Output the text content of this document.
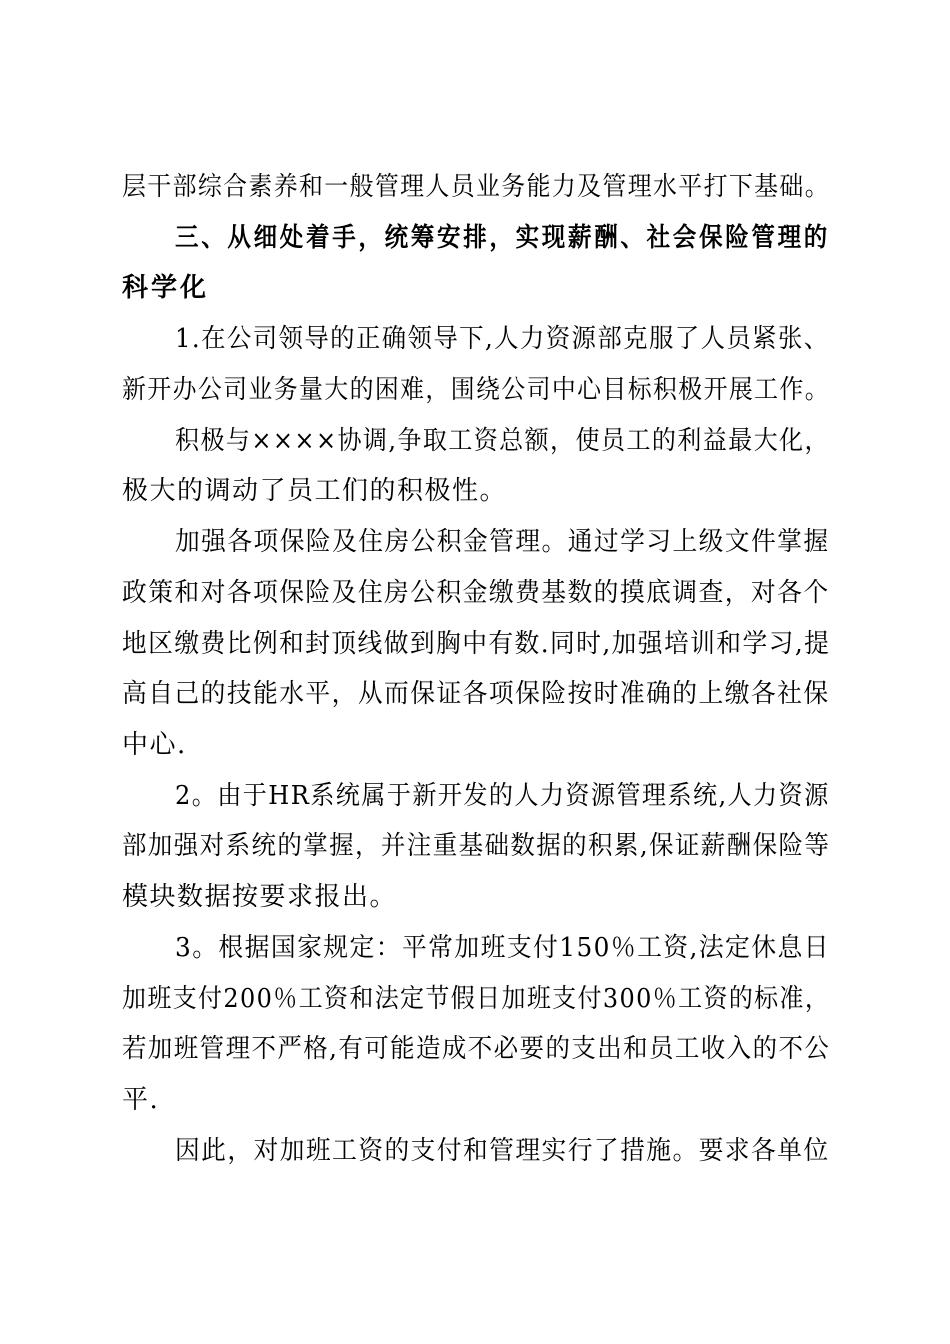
层干部综合素养和一般管理人员业务能力及管理水平打下基础。
三、从细处着手，统筹安排，实现薪酬、社会保险管理的
科学化
1.在公司领导的正确领导下,人力资源部克服了人员紧张、
新开办公司业务量大的困难，围绕公司中心目标积极开展工作。
积极与××××协调,争取工资总额，使员工的利益最大化，
极大的调动了员工们的积极性。
加强各项保险及住房公积金管理。通过学习上级文件掌握
政策和对各项保险及住房公积金缴费基数的摸底调查，对各个
地区缴费比例和封顶线做到胸中有数.同时,加强培训和学习,提
高自己的技能水平，从而保证各项保险按时准确的上缴各社保
中心.
2。由于HR系统属于新开发的人力资源管理系统,人力资源
部加强对系统的掌握，并注重基础数据的积累,保证薪酬保险等
模块数据按要求报出。
3。根据国家规定：平常加班支付150％工资,法定休息日
加班支付200％工资和法定节假日加班支付300％工资的标准，
若加班管理不严格,有可能造成不必要的支出和员工收入的不公
平.
因此，对加班工资的支付和管理实行了措施。要求各单位
